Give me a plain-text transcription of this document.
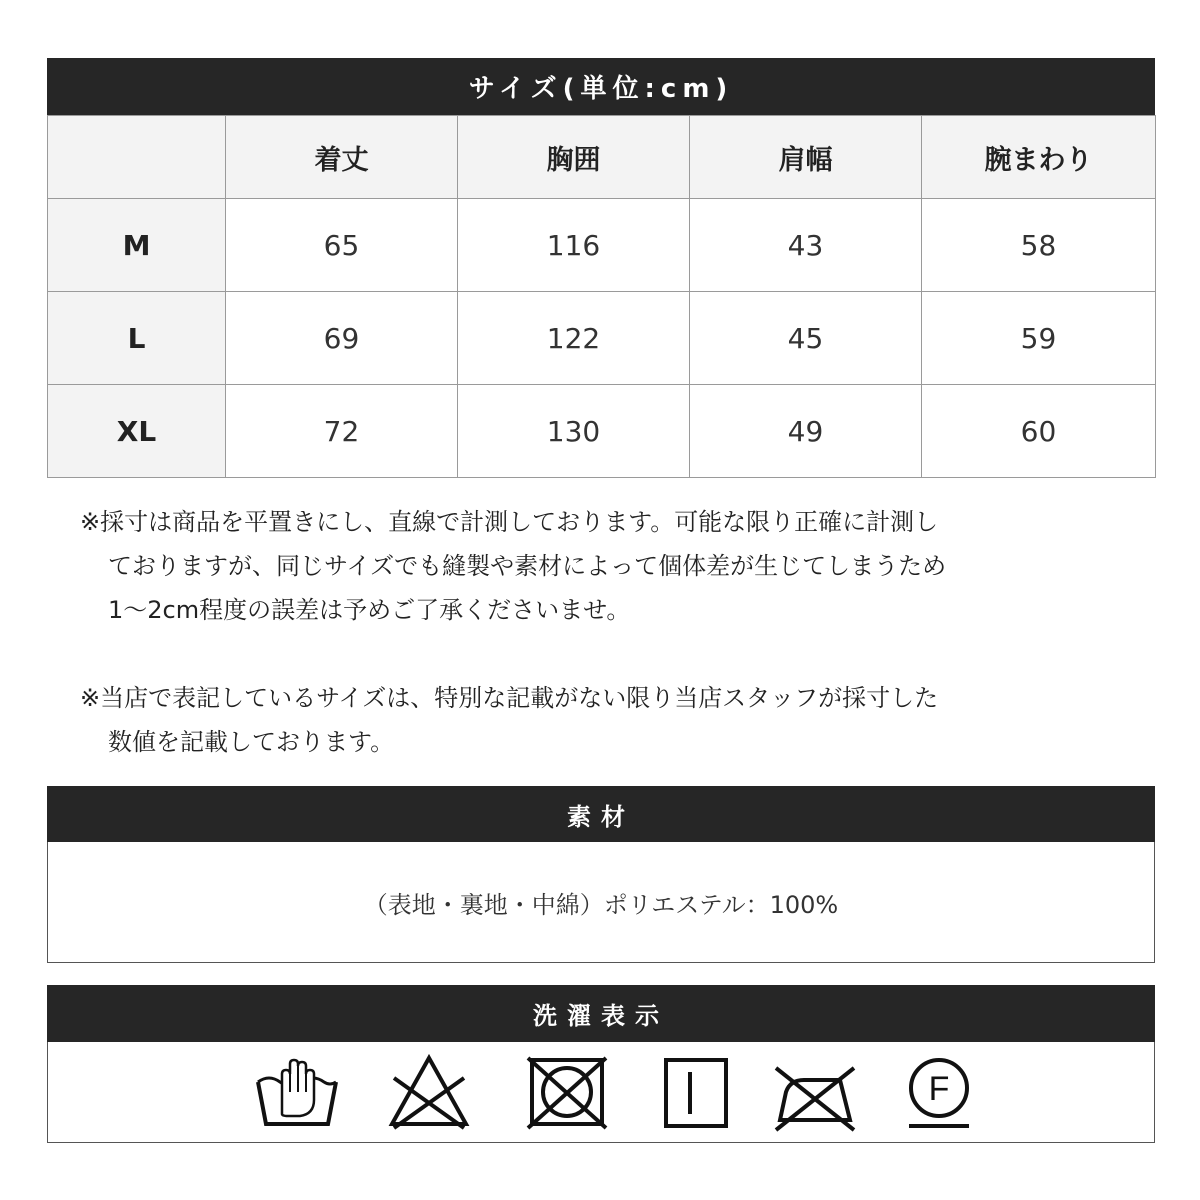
サイズ(単位:cm)
	着丈	胸囲	肩幅	腕まわり
M	65	116	43	58
L	69	122	45	59
XL	72	130	49	60

※採寸は商品を平置きにし、直線で計測しております。可能な限り正確に計測し

ておりますが、同じサイズでも縫製や素材によって個体差が生じてしまうため

1〜2cm程度の誤差は予めご了承くださいませ。

※当店で表記しているサイズは、特別な記載がない限り当店スタッフが採寸した

数値を記載しております。

素材
（表地・裏地・中綿）ポリエステル：100%
洗濯表示
F
